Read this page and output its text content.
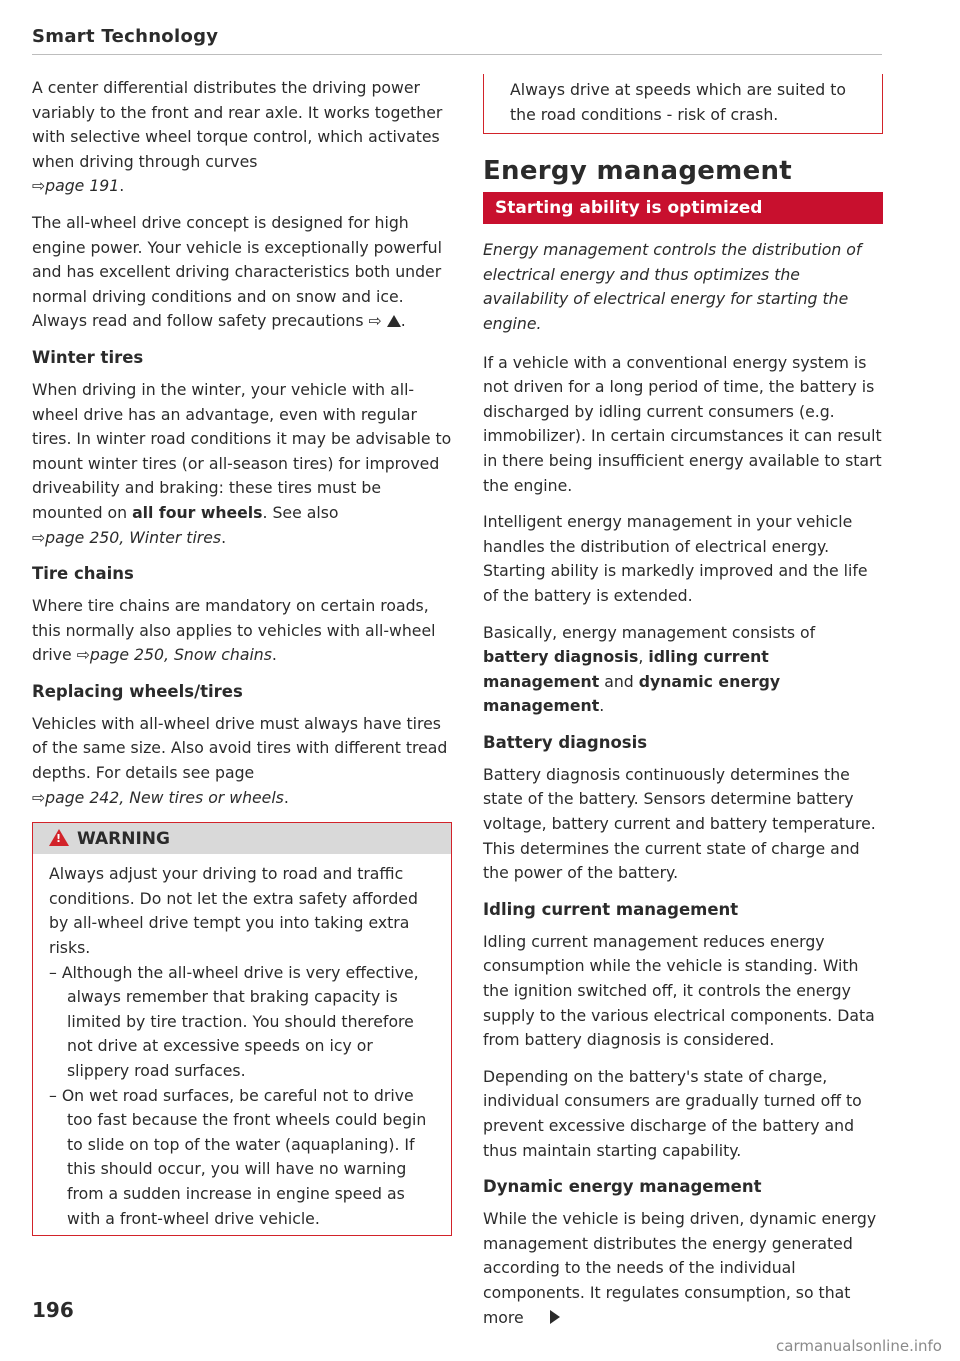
Smart Technology

A center differential distributes the driving power variably to the front and rear axle. It works together with selective wheel torque control, which activates when driving through curves
⇨page 191.

The all-wheel drive concept is designed for high engine power. Your vehicle is exceptionally powerful and has excellent driving characteristics both under normal driving conditions and on snow and ice. Always read and follow safety precautions ⇨ .

Winter tires

When driving in the winter, your vehicle with all-wheel drive has an advantage, even with regular tires. In winter road conditions it may be advisable to mount winter tires (or all-season tires) for improved driveability and braking: these tires must be mounted on all four wheels. See also
⇨page 250, Winter tires.

Tire chains

Where tire chains are mandatory on certain roads, this normally also applies to vehicles with all-wheel drive ⇨page 250, Snow chains.

Replacing wheels/tires

Vehicles with all-wheel drive must always have tires of the same size. Also avoid tires with different tread depths. For details see page
⇨page 242, New tires or wheels.

! WARNING

Always adjust your driving to road and traffic conditions. Do not let the extra safety afforded by all-wheel drive tempt you into taking extra risks.

– Although the all-wheel drive is very effective, always remember that braking capacity is limited by tire traction. You should therefore not drive at excessive speeds on icy or slippery road surfaces.
– On wet road surfaces, be careful not to drive too fast because the front wheels could begin to slide on top of the water (aquaplaning). If this should occur, you will have no warning from a sudden increase in engine speed as with a front-wheel drive vehicle.

Always drive at speeds which are suited to the road conditions - risk of crash.

Energy management
Starting ability is optimized

Energy management controls the distribution of electrical energy and thus optimizes the availability of electrical energy for starting the engine.

If a vehicle with a conventional energy system is not driven for a long period of time, the battery is discharged by idling current consumers (e.g. immobilizer). In certain circumstances it can result in there being insufficient energy available to start the engine.

Intelligent energy management in your vehicle handles the distribution of electrical energy. Starting ability is markedly improved and the life of the battery is extended.

Basically, energy management consists of battery diagnosis, idling current management and dynamic energy management.

Battery diagnosis

Battery diagnosis continuously determines the state of the battery. Sensors determine battery voltage, battery current and battery temperature. This determines the current state of charge and the power of the battery.

Idling current management

Idling current management reduces energy consumption while the vehicle is standing. With the ignition switched off, it controls the energy supply to the various electrical components. Data from battery diagnosis is considered.

Depending on the battery's state of charge, individual consumers are gradually turned off to prevent excessive discharge of the battery and thus maintain starting capability.

Dynamic energy management

While the vehicle is being driven, dynamic energy management distributes the energy generated according to the needs of the individual components. It regulates consumption, so that more

196
carmanualsonline.info
